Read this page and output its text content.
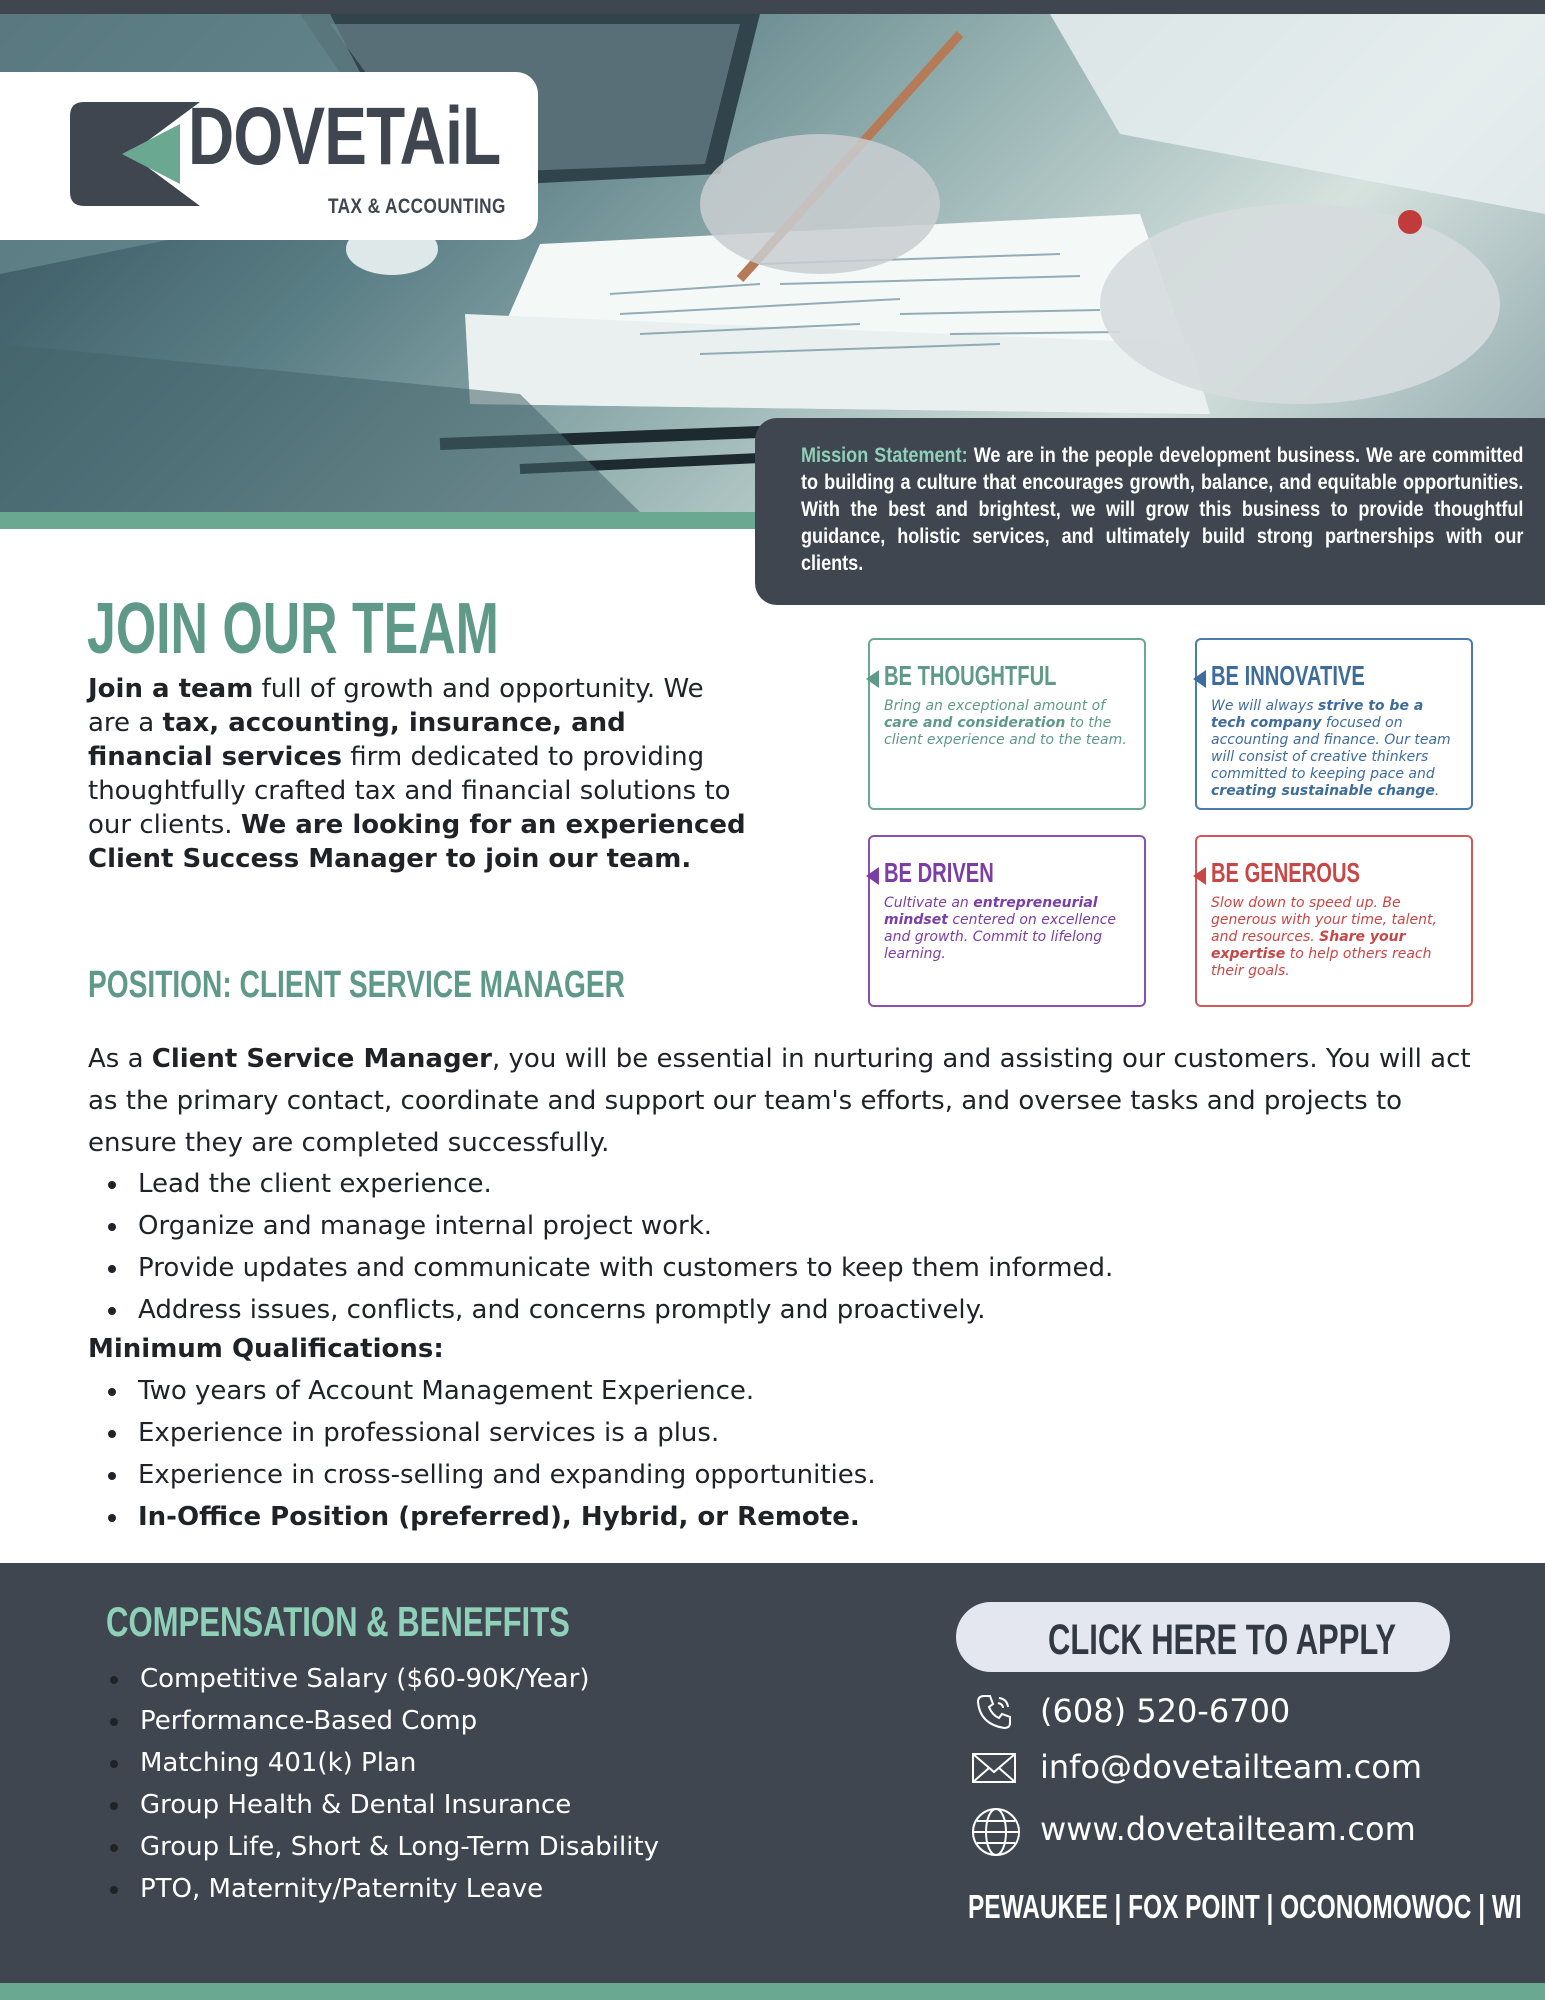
DOVETAiL
TAX & ACCOUNTING

Mission Statement: We are in the people development business. We are committed to building a culture that encourages growth, balance, and equitable opportunities. With the best and brightest, we will grow this business to provide thoughtful guidance, holistic services, and ultimately build strong partnerships with our clients.

JOIN OUR TEAM
Join a team full of growth and opportunity. We are a tax, accounting, insurance, and financial services firm dedicated to providing thoughtfully crafted tax and financial solutions to our clients. We are looking for an experienced Client Success Manager to join our team.
BE THOUGHTFUL
Bring an exceptional amount of care and consideration to the client experience and to the team.
BE INNOVATIVE
We will always strive to be a tech company focused on accounting and finance. Our team will consist of creative thinkers committed to keeping pace and creating sustainable change.
BE DRIVEN
Cultivate an entrepreneurial mindset centered on excellence and growth. Commit to lifelong learning.
BE GENEROUS
Slow down to speed up. Be generous with your time, talent, and resources. Share your expertise to help others reach their goals.
POSITION: CLIENT SERVICE MANAGER
As a Client Service Manager, you will be essential in nurturing and assisting our customers. You will act as the primary contact, coordinate and support our team's efforts, and oversee tasks and projects to ensure they are completed successfully.
Lead the client experience.
Organize and manage internal project work.
Provide updates and communicate with customers to keep them informed.
Address issues, conflicts, and concerns promptly and proactively.
Minimum Qualifications:
Two years of Account Management Experience.
Experience in professional services is a plus.
Experience in cross-selling and expanding opportunities.
In-Office Position (preferred), Hybrid, or Remote.
COMPENSATION & BENEFFITS
Competitive Salary ($60-90K/Year)
Performance-Based Comp
Matching 401(k) Plan
Group Health & Dental Insurance
Group Life, Short & Long-Term Disability
PTO, Maternity/Paternity Leave
CLICK HERE TO APPLY
(608) 520-6700
info@dovetailteam.com
www.dovetailteam.com
PEWAUKEE | FOX POINT | OCONOMOWOC | WI
